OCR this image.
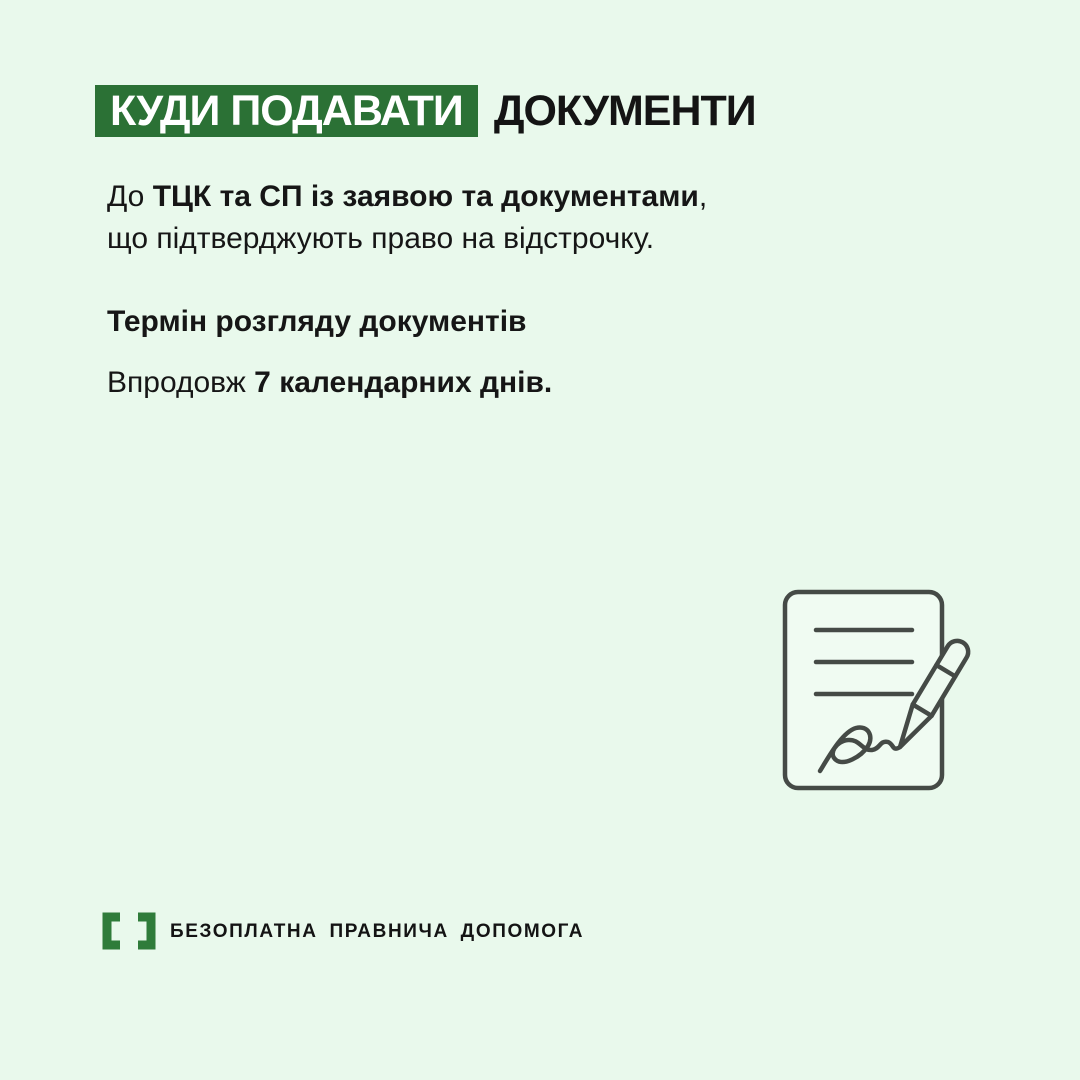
КУДИ ПОДАВАТИ ДОКУМЕНТИ
До ТЦК та СП із заявою та документами,
що підтверджують право на відстрочку.
Термін розгляду документів
Впродовж 7 календарних днів.
БЕЗОПЛАТНА ПРАВНИЧА ДОПОМОГА
